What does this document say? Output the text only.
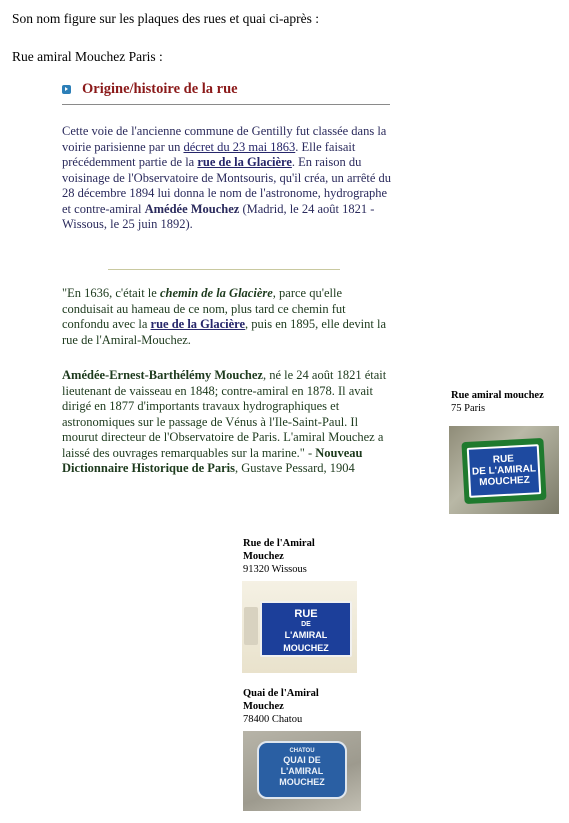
Son nom figure sur les plaques des rues et quai ci-après :
Rue amiral Mouchez Paris :
Origine/histoire de la rue
Cette voie de l'ancienne commune de Gentilly fut classée dans la voirie parisienne par un décret du 23 mai 1863. Elle faisait précédemment partie de la rue de la Glacière. En raison du voisinage de l'Observatoire de Montsouris, qu'il créa, un arrêté du 28 décembre 1894 lui donna le nom de l'astronome, hydrographe et contre-amiral Amédée Mouchez (Madrid, le 24 août 1821 - Wissous, le 25 juin 1892).
"En 1636, c'était le chemin de la Glacière, parce qu'elle conduisait au hameau de ce nom, plus tard ce chemin fut confondu avec la rue de la Glacière, puis en 1895, elle devint la rue de l'Amiral-Mouchez.
Amédée-Ernest-Barthélémy Mouchez, né le 24 août 1821 était lieutenant de vaisseau en 1848; contre-amiral en 1878. Il avait dirigé en 1877 d'importants travaux hydrographiques et astronomiques sur le passage de Vénus à l'Ile-Saint-Paul. Il mourut directeur de l'Observatoire de Paris. L'amiral Mouchez a laissé des ouvrages remarquables sur la marine." - Nouveau Dictionnaire Historique de Paris, Gustave Pessard, 1904
Rue amiral mouchez
75 Paris
RUE
DE L'AMIRAL
MOUCHEZ
Rue de l'Amiral Mouchez
91320 Wissous
RUE
DE
L'AMIRAL MOUCHEZ
Quai de l'Amiral Mouchez
78400 Chatou
CHATOU
QUAI DE
L'AMIRAL MOUCHEZ
